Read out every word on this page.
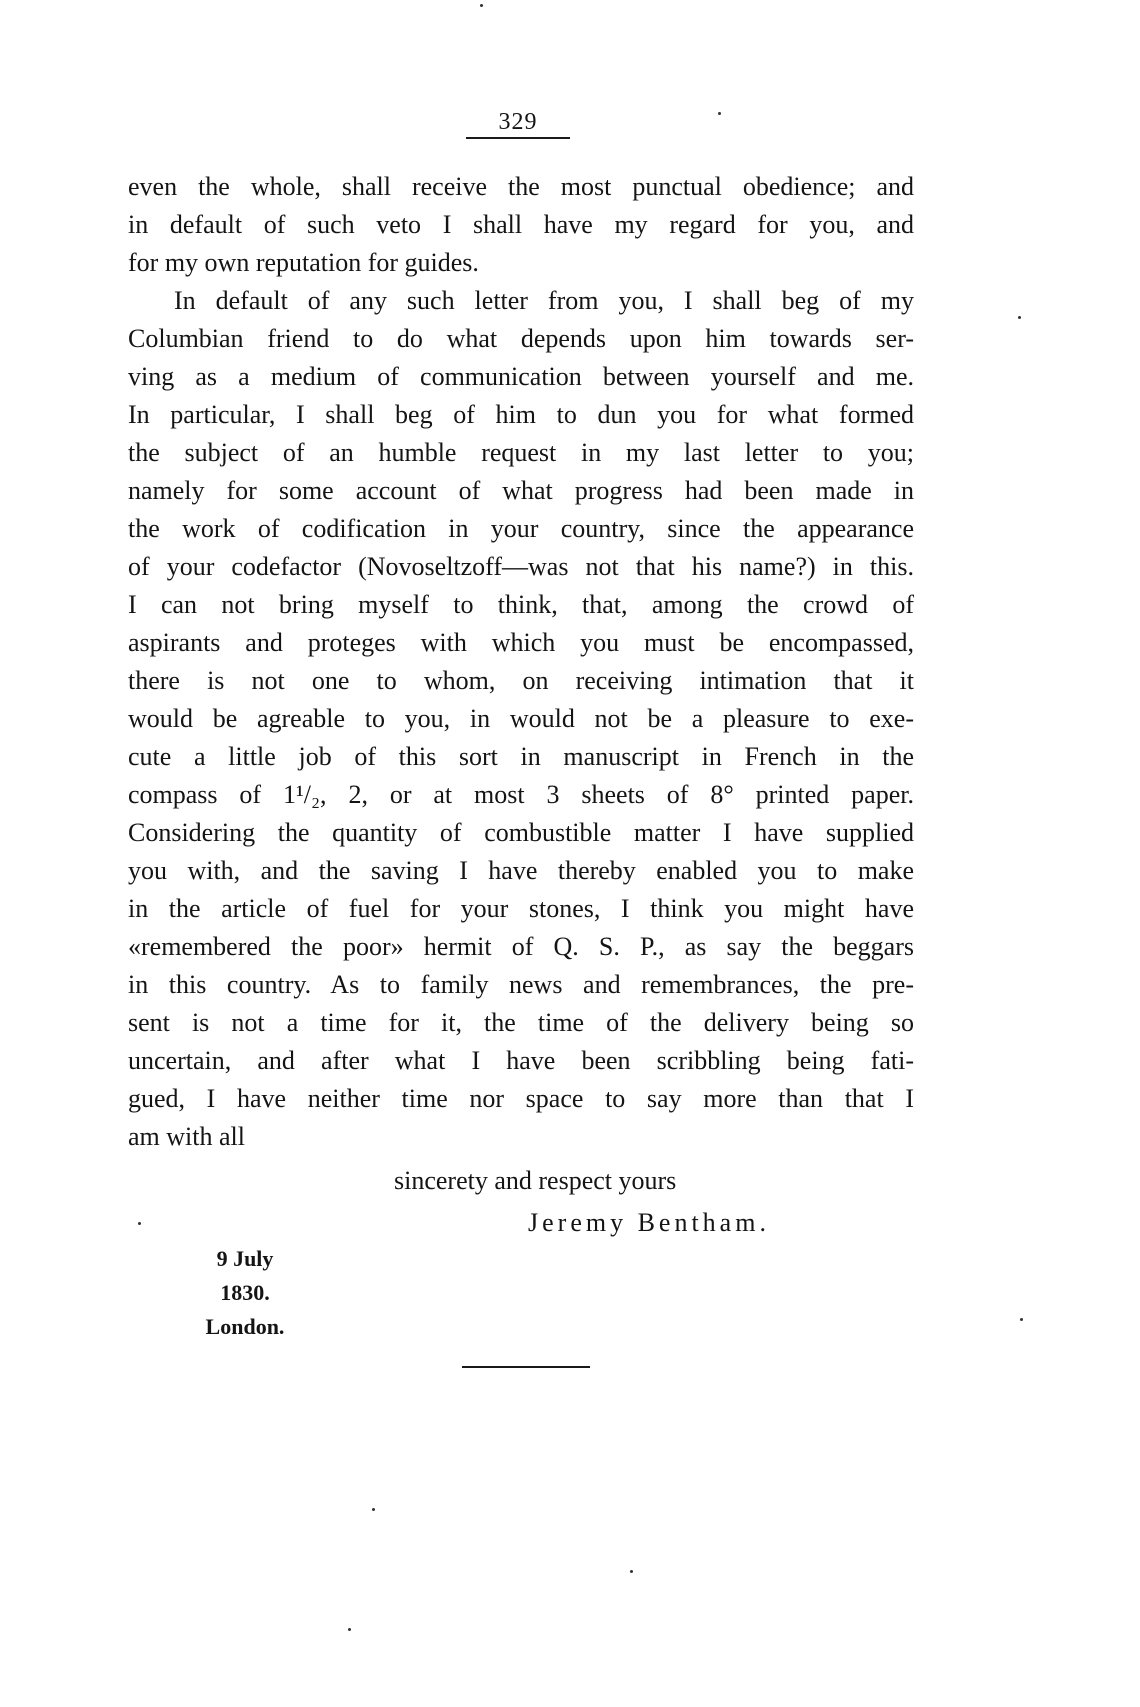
329
even the whole, shall receive the most punctual obedience; and
in default of such veto I shall have my regard for you, and
for my own reputation for guides.
In default of any such letter from you, I shall beg of my
Columbian friend to do what depends upon him towards ser-
ving as a medium of communication between yourself and me.
In particular, I shall beg of him to dun you for what formed
the subject of an humble request in my last letter to you;
namely for some account of what progress had been made in
the work of codification in your country, since the appearance
of your codefactor (Novoseltzoff—was not that his name?) in this.
I can not bring myself to think, that, among the crowd of
aspirants and proteges with which you must be encompassed,
there is not one to whom, on receiving intimation that it
would be agreable to you, in would not be a pleasure to exe-
cute a little job of this sort in manuscript in French in the
compass of 1¹/₂, 2, or at most 3 sheets of 8° printed paper.
Considering the quantity of combustible matter I have supplied
you with, and the saving I have thereby enabled you to make
in the article of fuel for your stones, I think you might have
«remembered the poor» hermit of Q. S. P., as say the beggars
in this country. As to family news and remembrances, the pre-
sent is not a time for it, the time of the delivery being so
uncertain, and after what I have been scribbling being fati-
gued, I have neither time nor space to say more than that I
am with all
sincerety and respect yours
Jeremy Bentham.
9 July
1830.
London.
